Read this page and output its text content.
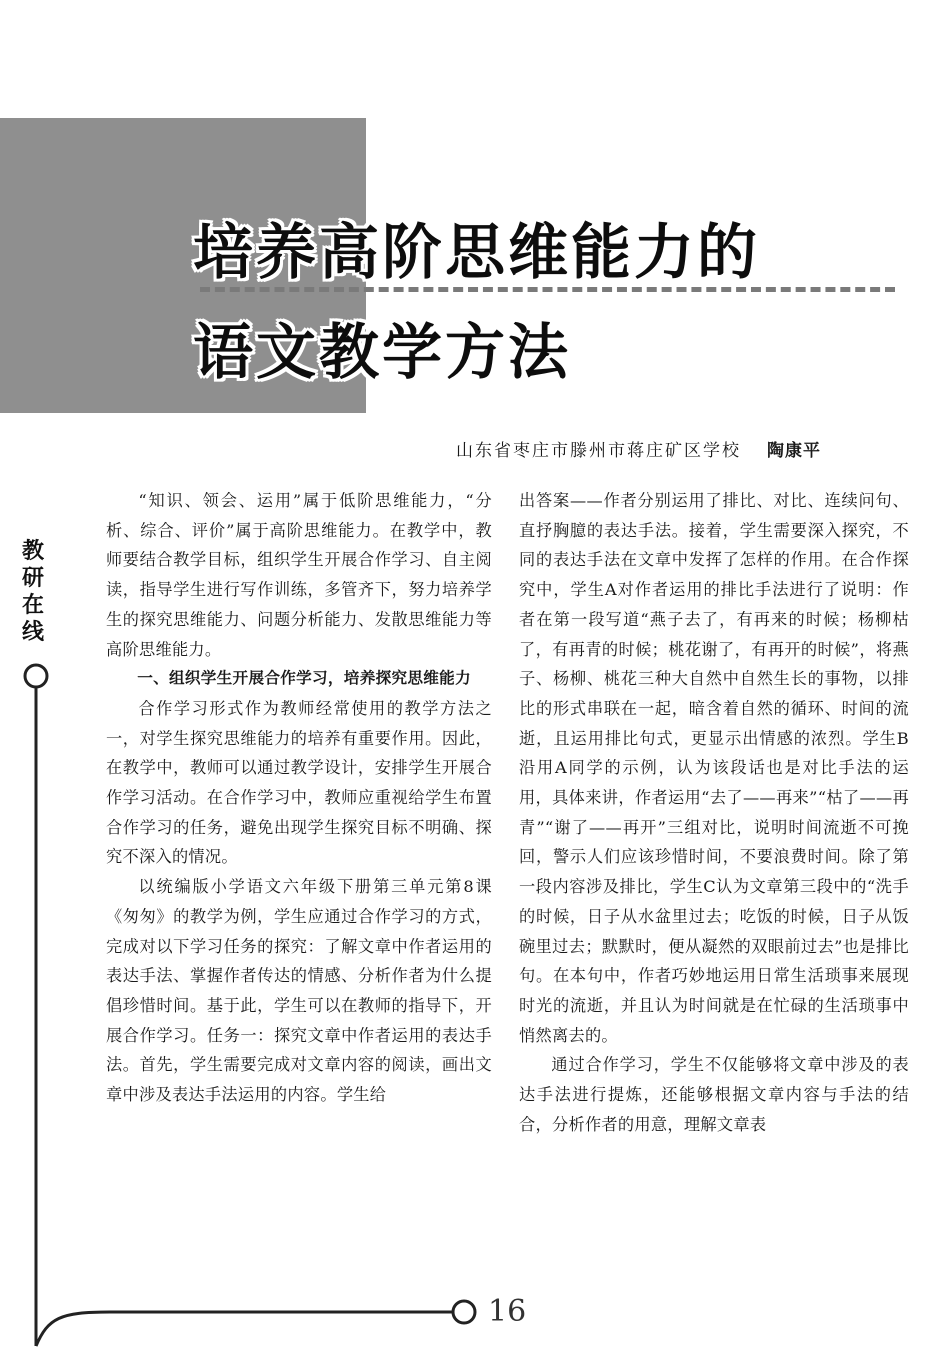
培养高阶思维能力的
语文教学方法
山东省枣庄市滕州市蒋庄矿区学校 陶康平
教研在线

“知识、领会、运用”属于低阶思维能力，“分析、综合、评价”属于高阶思维能力。在教学中，教师要结合教学目标，组织学生开展合作学习、自主阅读，指导学生进行写作训练，多管齐下，努力培养学生的探究思维能力、问题分析能力、发散思维能力等高阶思维能力。

一、组织学生开展合作学习，培养探究思维能力

合作学习形式作为教师经常使用的教学方法之一，对学生探究思维能力的培养有重要作用。因此，在教学中，教师可以通过教学设计，安排学生开展合作学习活动。在合作学习中，教师应重视给学生布置合作学习的任务，避免出现学生探究目标不明确、探究不深入的情况。

以统编版小学语文六年级下册第三单元第8课《匆匆》的教学为例，学生应通过合作学习的方式，完成对以下学习任务的探究：了解文章中作者运用的表达手法、掌握作者传达的情感、分析作者为什么提倡珍惜时间。基于此，学生可以在教师的指导下，开展合作学习。任务一：探究文章中作者运用的表达手法。首先，学生需要完成对文章内容的阅读，画出文章中涉及表达手法运用的内容。学生给

出答案——作者分别运用了排比、对比、连续问句、直抒胸臆的表达手法。接着，学生需要深入探究，不同的表达手法在文章中发挥了怎样的作用。在合作探究中，学生A对作者运用的排比手法进行了说明：作者在第一段写道“燕子去了，有再来的时候；杨柳枯了，有再青的时候；桃花谢了，有再开的时候”，将燕子、杨柳、桃花三种大自然中自然生长的事物，以排比的形式串联在一起，暗含着自然的循环、时间的流逝，且运用排比句式，更显示出情感的浓烈。学生B沿用A同学的示例，认为该段话也是对比手法的运用，具体来讲，作者运用“去了——再来”“枯了——再青”“谢了——再开”三组对比，说明时间流逝不可挽回，警示人们应该珍惜时间，不要浪费时间。除了第一段内容涉及排比，学生C认为文章第三段中的“洗手的时候，日子从水盆里过去；吃饭的时候，日子从饭碗里过去；默默时，便从凝然的双眼前过去”也是排比句。在本句中，作者巧妙地运用日常生活琐事来展现时光的流逝，并且认为时间就是在忙碌的生活琐事中悄然离去的。

通过合作学习，学生不仅能够将文章中涉及的表达手法进行提炼，还能够根据文章内容与手法的结合，分析作者的用意，理解文章表

16
